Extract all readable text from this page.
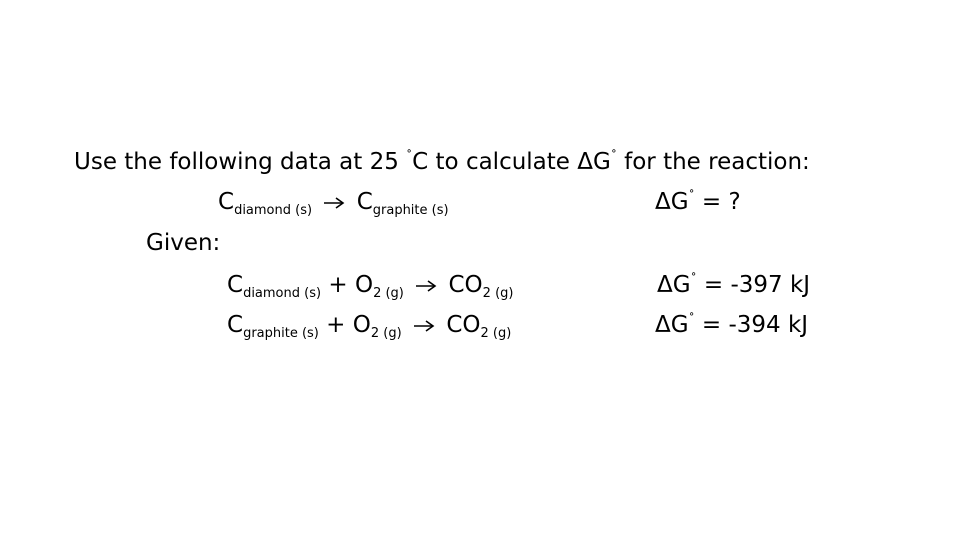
Use the following data at 25 ˚C to calculate ΔG˚ for the reaction:
$C_{diamond (s)} \to C_{graphite (s)}$	ΔG˚ = ?
Given:
$C_{diamond (s)} + O_{2 (g)} \to CO_{2 (g)}$	ΔG˚ = -397 kJ
$C_{graphite (s)} + O_{2 (g)} \to CO_{2 (g)}$	ΔG˚ = -394 kJ
